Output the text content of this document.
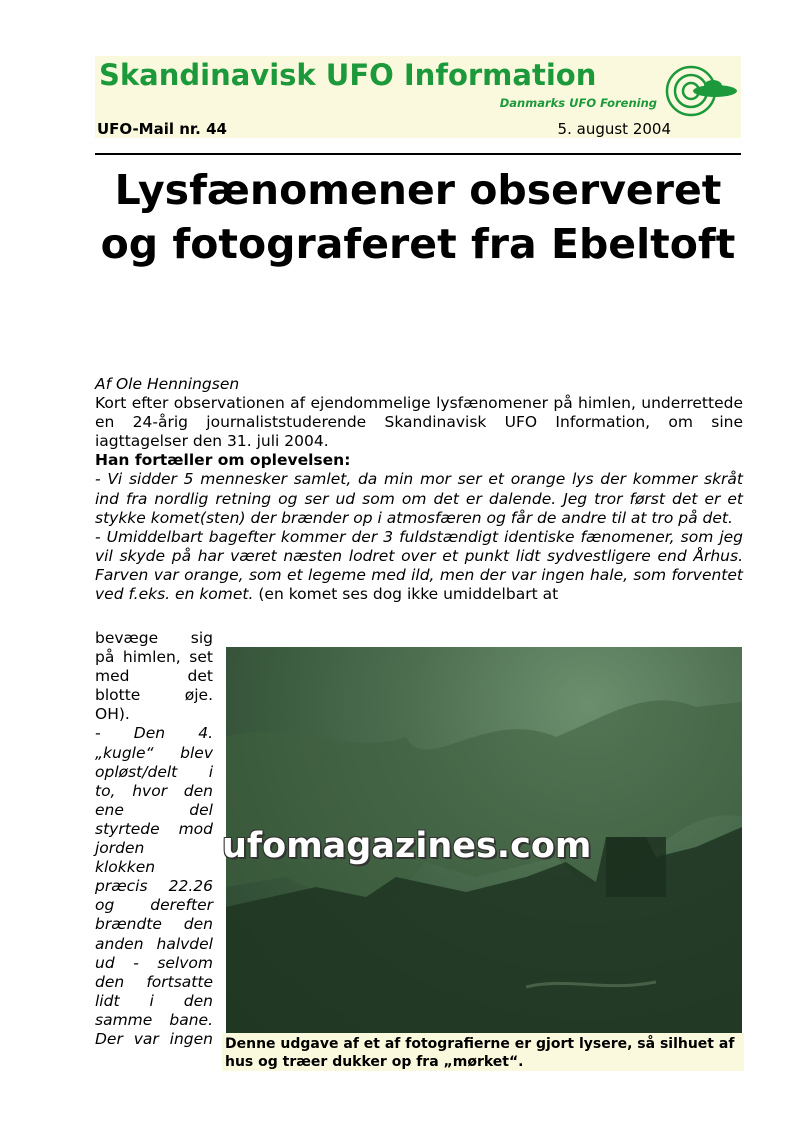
Skandinavisk UFO Information
Danmarks UFO Forening
UFO-Mail nr. 44	5. august 2004
Lysfænomener observeret og fotograferet fra Ebeltoft

Af Ole Henningsen

Kort efter observationen af ejendommelige lysfænomener på himlen, underrettede en 24-årig journaliststuderende Skandinavisk UFO Information, om sine iagttagelser den 31. juli 2004.

Han fortæller om oplevelsen:

- Vi sidder 5 mennesker samlet, da min mor ser et orange lys der kommer skråt ind fra nordlig retning og ser ud som om det er dalende. Jeg tror først det er et stykke komet(sten) der brænder op i atmosfæren og får de andre til at tro på det.

- Umiddelbart bagefter kommer der 3 fuldstændigt identiske fænomener, som jeg vil skyde på har været næsten lodret over et punkt lidt sydvestligere end Århus. Farven var orange, som et legeme med ild, men der var ingen hale, som forventet ved f.eks. en komet. (en komet ses dog ikke umiddelbart at

bevæge sig
på himlen, set
med det
blotte øje.
OH).
- Den 4.
„kugle“ blev
opløst/delt i
to, hvor den
ene del
styrtede mod
jorden
klokken
præcis 22.26
og derefter
brændte den
anden halvdel
ud - selvom
den fortsatte
lidt i den
samme bane.
Der var ingen
ufomagazines.com
Denne udgave af et af fotografierne er gjort lysere, så silhuet af hus og træer dukker op fra „mørket“.
